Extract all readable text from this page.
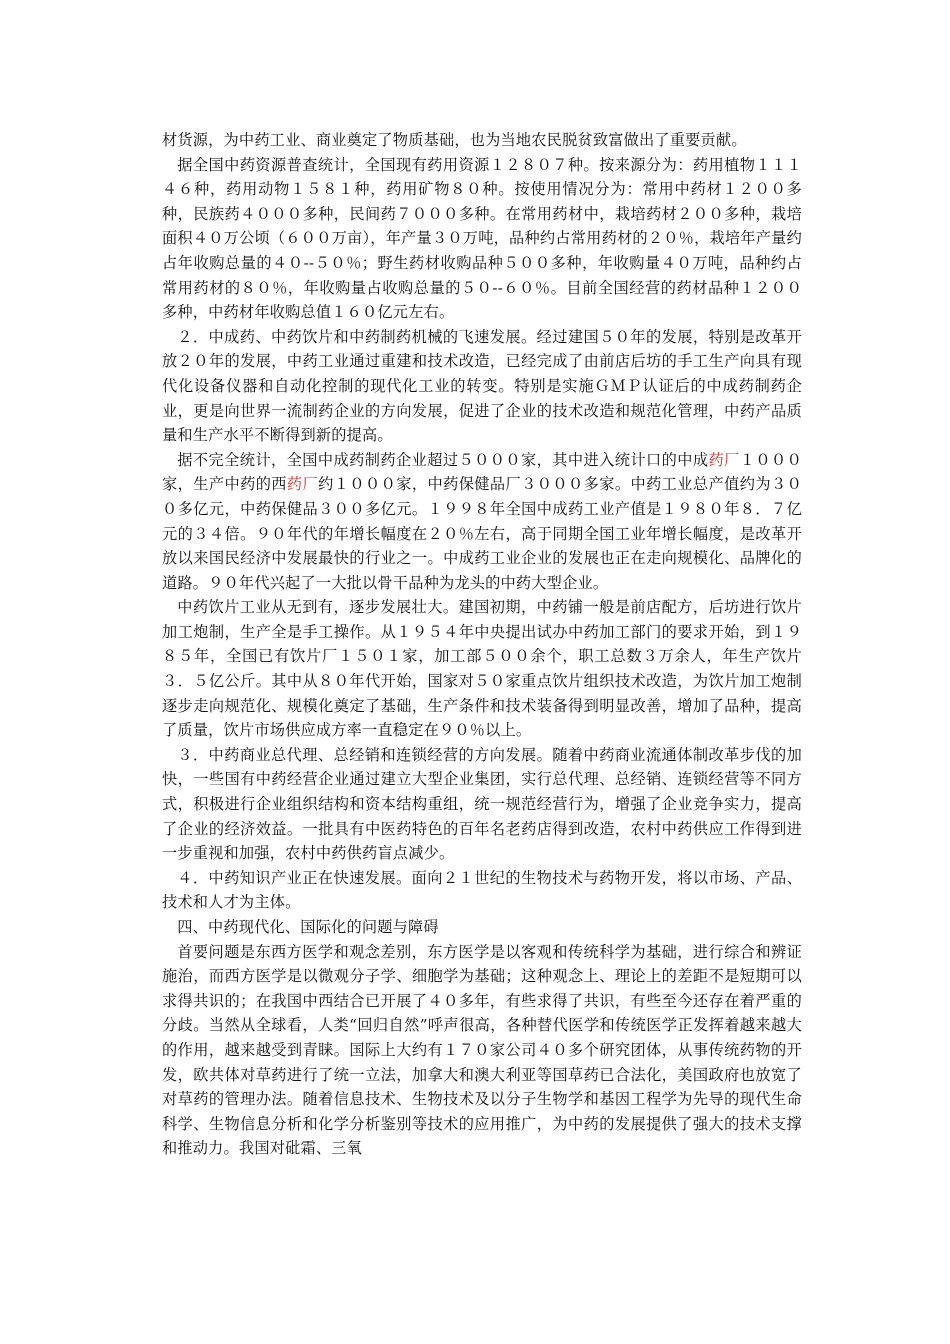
材货源，为中药工业、商业奠定了物质基础，也为当地农民脱贫致富做出了重要贡献。

据全国中药资源普查统计，全国现有药用资源１２８０７种。按来源分为：药用植物１１１４６种，药用动物１５８１种，药用矿物８０种。按使用情况分为：常用中药材１２００多种，民族药４０００多种，民间药７０００多种。在常用药材中，栽培药材２００多种，栽培面积４０万公顷（６００万亩），年产量３０万吨，品种约占常用药材的２０％，栽培年产量约占年收购总量的４０--５０％；野生药材收购品种５００多种，年收购量４０万吨，品种约占常用药材的８０％，年收购量占收购总量的５０--６０％。目前全国经营的药材品种１２００多种，中药材年收购总值１６０亿元左右。

２．中成药、中药饮片和中药制药机械的飞速发展。经过建国５０年的发展，特别是改革开放２０年的发展，中药工业通过重建和技术改造，已经完成了由前店后坊的手工生产向具有现代化设备仪器和自动化控制的现代化工业的转变。特别是实施ＧＭＰ认证后的中成药制药企业，更是向世界一流制药企业的方向发展，促进了企业的技术改造和规范化管理，中药产品质量和生产水平不断得到新的提高。

据不完全统计，全国中成药制药企业超过５０００家，其中进入统计口的中成药厂１０００家，生产中药的西药厂约１０００家，中药保健品厂３０００多家。中药工业总产值约为３００多亿元，中药保健品３００多亿元。１９９８年全国中成药工业产值是１９８０年８．７亿元的３４倍。９０年代的年增长幅度在２０％左右，高于同期全国工业年增长幅度，是改革开放以来国民经济中发展最快的行业之一。中成药工业企业的发展也正在走向规模化、品牌化的道路。９０年代兴起了一大批以骨干品种为龙头的中药大型企业。

中药饮片工业从无到有，逐步发展壮大。建国初期，中药铺一般是前店配方，后坊进行饮片加工炮制，生产全是手工操作。从１９５４年中央提出试办中药加工部门的要求开始，到１９８５年，全国已有饮片厂１５０１家，加工部５００余个，职工总数３万余人，年生产饮片３．５亿公斤。其中从８０年代开始，国家对５０家重点饮片组织技术改造，为饮片加工炮制逐步走向规范化、规模化奠定了基础，生产条件和技术装备得到明显改善，增加了品种，提高了质量，饮片市场供应成方率一直稳定在９０％以上。

３．中药商业总代理、总经销和连锁经营的方向发展。随着中药商业流通体制改革步伐的加快，一些国有中药经营企业通过建立大型企业集团，实行总代理、总经销、连锁经营等不同方式，积极进行企业组织结构和资本结构重组，统一规范经营行为，增强了企业竞争实力，提高了企业的经济效益。一批具有中医药特色的百年名老药店得到改造，农村中药供应工作得到进一步重视和加强，农村中药供药盲点减少。

４．中药知识产业正在快速发展。面向２１世纪的生物技术与药物开发，将以市场、产品、技术和人才为主体。

四、中药现代化、国际化的问题与障碍

首要问题是东西方医学和观念差别，东方医学是以客观和传统科学为基础，进行综合和辨证施治，而西方医学是以微观分子学、细胞学为基础；这种观念上、理论上的差距不是短期可以求得共识的；在我国中西结合已开展了４０多年，有些求得了共识，有些至今还存在着严重的分歧。当然从全球看，人类“回归自然”呼声很高，各种替代医学和传统医学正发挥着越来越大的作用，越来越受到青睐。国际上大约有１７０家公司４０多个研究团体，从事传统药物的开发，欧共体对草药进行了统一立法，加拿大和澳大利亚等国草药已合法化，美国政府也放宽了对草药的管理办法。随着信息技术、生物技术及以分子生物学和基因工程学为先导的现代生命科学、生物信息分析和化学分析鉴别等技术的应用推广，为中药的发展提供了强大的技术支撑和推动力。我国对砒霜、三氧
